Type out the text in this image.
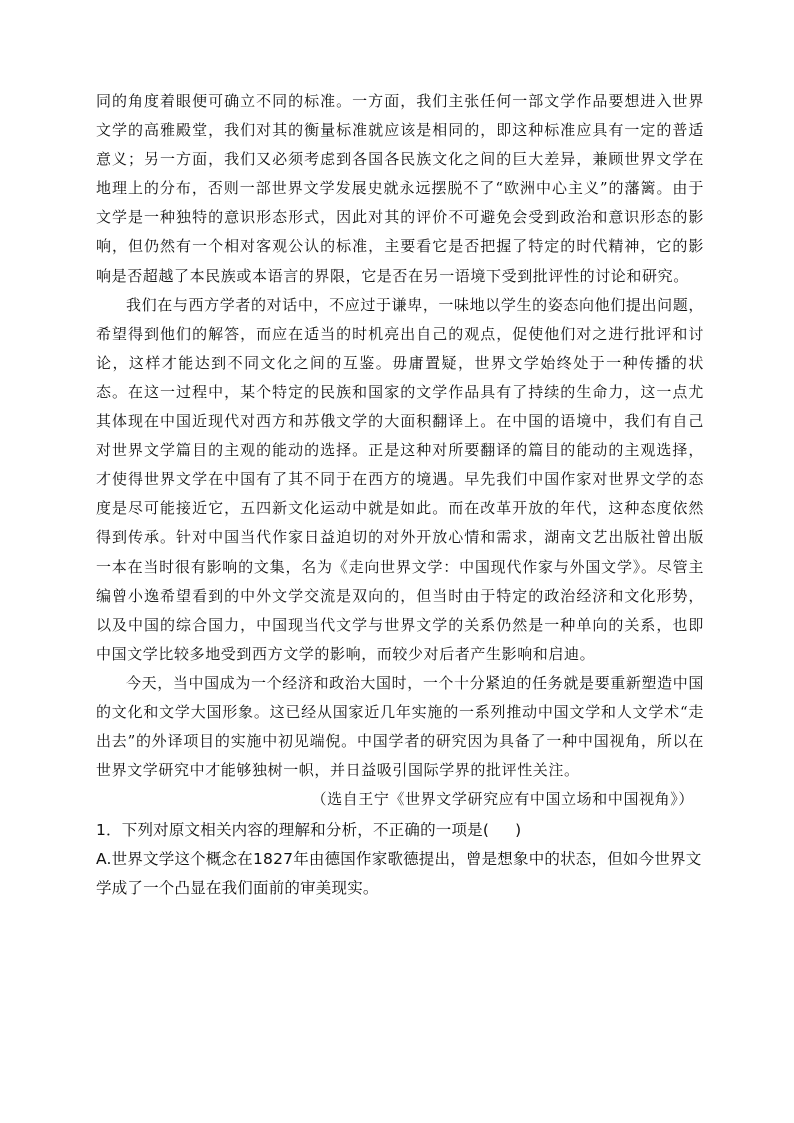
同的角度着眼便可确立不同的标准。一方面，我们主张任何一部文学作品要想进入世界文学的高雅殿堂，我们对其的衡量标准就应该是相同的，即这种标准应具有一定的普适意义；另一方面，我们又必须考虑到各国各民族文化之间的巨大差异，兼顾世界文学在地理上的分布，否则一部世界文学发展史就永远摆脱不了“欧洲中心主义”的藩篱。由于文学是一种独特的意识形态形式，因此对其的评价不可避免会受到政治和意识形态的影响，但仍然有一个相对客观公认的标准，主要看它是否把握了特定的时代精神，它的影响是否超越了本民族或本语言的界限，它是否在另一语境下受到批评性的讨论和研究。

我们在与西方学者的对话中，不应过于谦卑，一味地以学生的姿态向他们提出问题，希望得到他们的解答，而应在适当的时机亮出自己的观点，促使他们对之进行批评和讨论，这样才能达到不同文化之间的互鉴。毋庸置疑，世界文学始终处于一种传播的状态。在这一过程中，某个特定的民族和国家的文学作品具有了持续的生命力，这一点尤其体现在中国近现代对西方和苏俄文学的大面积翻译上。在中国的语境中，我们有自己对世界文学篇目的主观的能动的选择。正是这种对所要翻译的篇目的能动的主观选择，才使得世界文学在中国有了其不同于在西方的境遇。早先我们中国作家对世界文学的态度是尽可能接近它，五四新文化运动中就是如此。而在改革开放的年代，这种态度依然得到传承。针对中国当代作家日益迫切的对外开放心情和需求，湖南文艺出版社曾出版一本在当时很有影响的文集，名为《走向世界文学：中国现代作家与外国文学》。尽管主编曾小逸希望看到的中外文学交流是双向的，但当时由于特定的政治经济和文化形势，以及中国的综合国力，中国现当代文学与世界文学的关系仍然是一种单向的关系，也即中国文学比较多地受到西方文学的影响，而较少对后者产生影响和启迪。

今天，当中国成为一个经济和政治大国时，一个十分紧迫的任务就是要重新塑造中国的文化和文学大国形象。这已经从国家近几年实施的一系列推动中国文学和人文学术“走出去”的外译项目的实施中初见端倪。中国学者的研究因为具备了一种中国视角，所以在世界文学研究中才能够独树一帜，并日益吸引国际学界的批评性关注。

（选自王宁《世界文学研究应有中国立场和中国视角》）

1．下列对原文相关内容的理解和分析，不正确的一项是( )

A.世界文学这个概念在1827年由德国作家歌德提出，曾是想象中的状态，但如今世界文学成了一个凸显在我们面前的审美现实。
